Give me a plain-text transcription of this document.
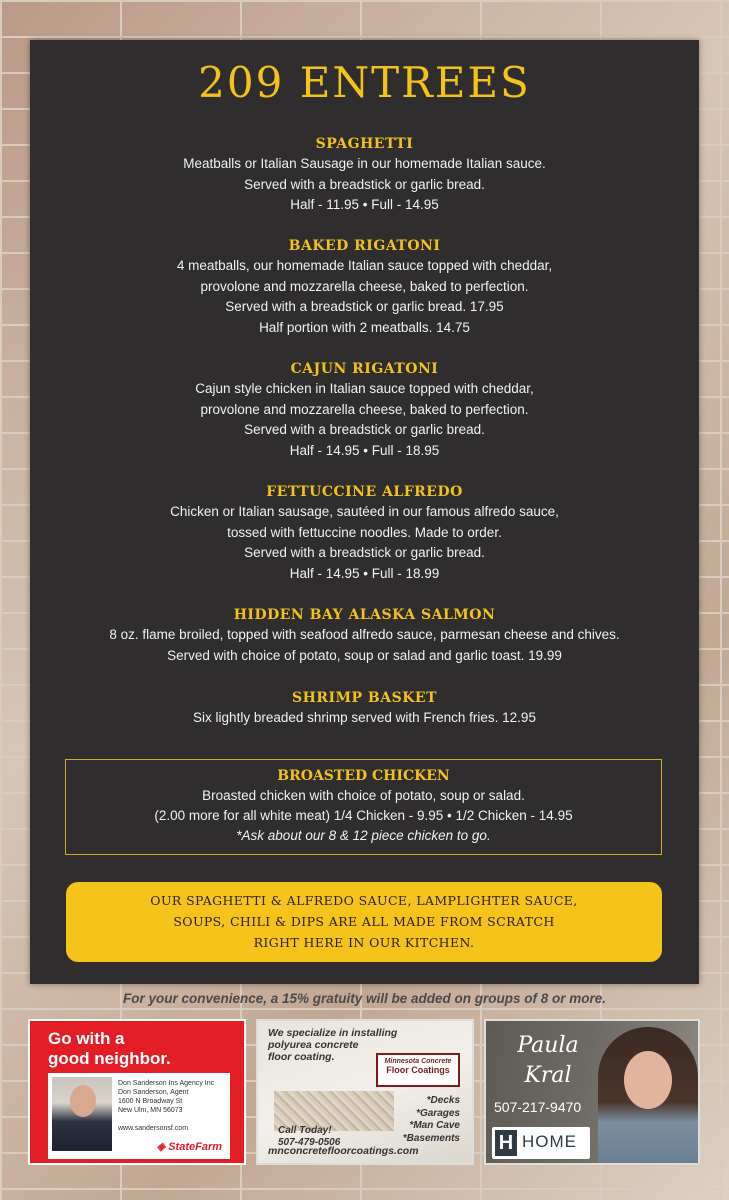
209 ENTREES
SPAGHETTI

Meatballs or Italian Sausage in our homemade Italian sauce.

Served with a breadstick or garlic bread.

Half - 11.95 • Full - 14.95

BAKED RIGATONI

4 meatballs, our homemade Italian sauce topped with cheddar,

provolone and mozzarella cheese, baked to perfection.

Served with a breadstick or garlic bread. 17.95

Half portion with 2 meatballs. 14.75

CAJUN RIGATONI

Cajun style chicken in Italian sauce topped with cheddar,

provolone and mozzarella cheese, baked to perfection.

Served with a breadstick or garlic bread.

Half - 14.95 • Full - 18.95

FETTUCCINE ALFREDO

Chicken or Italian sausage, sautéed in our famous alfredo sauce,

tossed with fettuccine noodles. Made to order.

Served with a breadstick or garlic bread.

Half - 14.95 • Full - 18.99

HIDDEN BAY ALASKA SALMON

8 oz. flame broiled, topped with seafood alfredo sauce, parmesan cheese and chives.

Served with choice of potato, soup or salad and garlic toast. 19.99

SHRIMP BASKET

Six lightly breaded shrimp served with French fries. 12.95

BROASTED CHICKEN

Broasted chicken with choice of potato, soup or salad.

(2.00 more for all white meat) 1/4 Chicken - 9.95 • 1/2 Chicken - 14.95

*Ask about our 8 & 12 piece chicken to go.

OUR SPAGHETTI & ALFREDO SAUCE, LAMPLIGHTER SAUCE,

SOUPS, CHILI & DIPS ARE ALL MADE FROM SCRATCH

RIGHT HERE IN OUR KITCHEN.

For your convenience, a 15% gratuity will be added on groups of 8 or more.
Go with a
good neighbor.
Don Sanderson Ins Agency Inc
Don Sanderson, Agent
1600 N Broadway St
New Ulm, MN 56073
www.sandersonsf.com
◈ StateFarm
We specialize in installing
polyurea concrete
floor coating.	Minnesota Concrete
Floor Coatings
*Decks
*Garages
*Man Cave
*Basements
Call Today!
507-479-0506
mnconcretefloorcoatings.com
Paula
Kral
507-217-9470
H HOME
